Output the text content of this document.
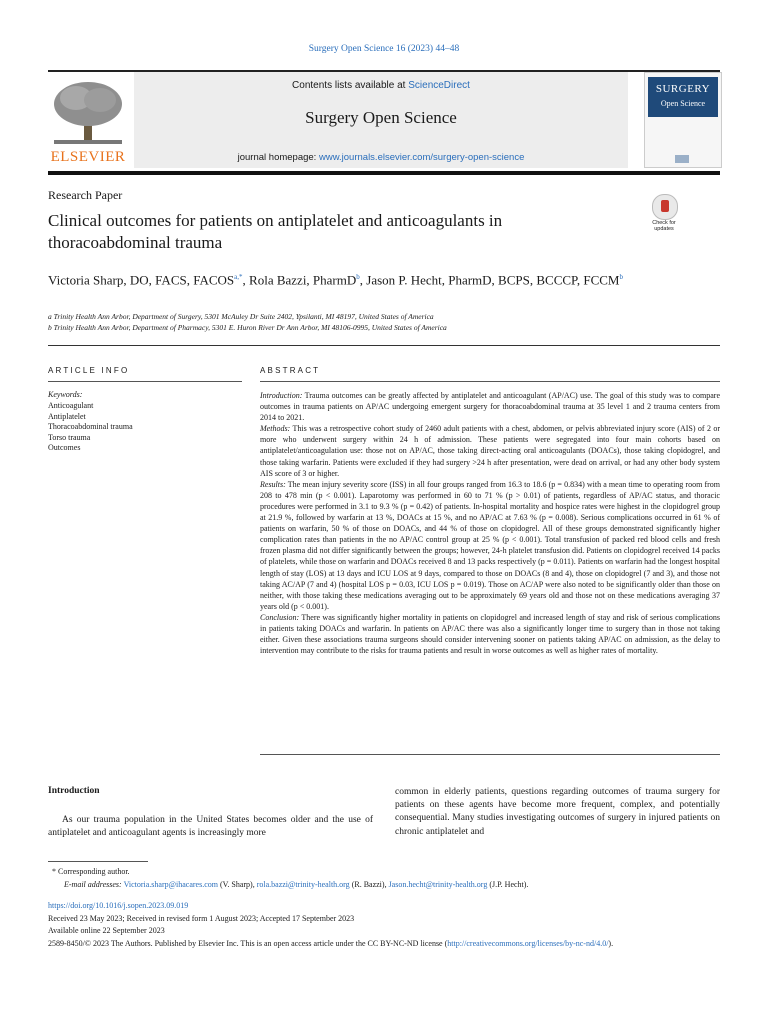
Surgery Open Science 16 (2023) 44–48
ELSEVIER
Contents lists available at ScienceDirect
Surgery Open Science
journal homepage: www.journals.elsevier.com/surgery-open-science
SURGERY
Open Science
Research Paper
Clinical outcomes for patients on antiplatelet and anticoagulants in thoracoabdominal trauma
Check for updates
Victoria Sharp, DO, FACS, $FACOS^{a,*}$, Rola Bazzi, PharmD$^b$, Jason P. Hecht, PharmD, BCPS, BCCCP, FCCM$^b$
a Trinity Health Ann Arbor, Department of Surgery, 5301 McAuley Dr Suite 2402, Ypsilanti, MI 48197, United States of America
b Trinity Health Ann Arbor, Department of Pharmacy, 5301 E. Huron River Dr Ann Arbor, MI 48106-0995, United States of America
ARTICLE INFO
Keywords:
Anticoagulant
Antiplatelet
Thoracoabdominal trauma
Torso trauma
Outcomes
ABSTRACT

Introduction: Trauma outcomes can be greatly affected by antiplatelet and anticoagulant (AP/AC) use. The goal of this study was to compare outcomes in trauma patients on AP/AC undergoing emergent surgery for thoracoabdominal trauma at 35 level 1 and 2 trauma centers from 2014 to 2021.

Methods: This was a retrospective cohort study of 2460 adult patients with a chest, abdomen, or pelvis abbreviated injury score (AIS) of 2 or more who underwent surgery within 24 h of admission. These patients were segregated into four main cohorts based on antiplatelet/anticoagulation use: those not on AP/AC, those taking direct-acting oral anticoagulants (DOACs), those taking clopidogrel, and those taking warfarin. Patients were excluded if they had surgery >24 h after presentation, were dead on arrival, or had any other body system AIS score of 3 or higher.

Results: The mean injury severity score (ISS) in all four groups ranged from 16.3 to 18.6 (p = 0.834) with a mean time to operating room from 208 to 478 min (p < 0.001). Laparotomy was performed in 60 to 71 % (p > 0.01) of patients, regardless of AP/AC status, and thoracic procedures were performed in 3.1 to 9.3 % (p = 0.42) of patients. In-hospital mortality and hospice rates were highest in the clopidogrel group at 21.9 %, followed by warfarin at 13 %, DOACs at 15 %, and no AP/AC at 7.63 % (p = 0.008). Serious complications occurred in 61 % of patients on warfarin, 50 % of those on DOACs, and 44 % of those on clopidogrel. All of these groups demonstrated significantly higher complication rates than patients in the no AP/AC control group at 25 % (p < 0.001). Total transfusion of packed red blood cells and fresh frozen plasma did not differ significantly between the groups; however, 24-h platelet transfusion did. Patients on clopidogrel received 14 packs of platelets, while those on warfarin and DOACs received 8 and 13 packs respectively (p = 0.011). Patients on warfarin had the longest hospital length of stay (LOS) at 13 days and ICU LOS at 9 days, compared to those on DOACs (8 and 4), those on clopidogrel (7 and 3), and those not taking AC/AP (7 and 4) (hospital LOS p = 0.03, ICU LOS p = 0.019). Those on AC/AP were also noted to be significantly older than those on neither, with those taking these medications averaging out to be approximately 69 years old and those not on these medications averaging 37 years old (p < 0.001).

Conclusion: There was significantly higher mortality in patients on clopidogrel and increased length of stay and risk of serious complications in patients taking DOACs and warfarin. In patients on AP/AC there was also a significantly longer time to surgery than in those not taking either. Given these associations trauma surgeons should consider intervening sooner on patients taking AP/AC on admission, as the delay to intervention may contribute to the risks for trauma patients and result in worse outcomes as well as higher rates of mortality.

Introduction
As our trauma population in the United States becomes older and the use of antiplatelet and anticoagulant agents is increasingly more
common in elderly patients, questions regarding outcomes of trauma surgery for patients on these agents have become more frequent, complex, and potentially consequential. Many studies investigating outcomes of surgery in injured patients on chronic antiplatelet and
* Corresponding author.
E-mail addresses: Victoria.sharp@ihacares.com (V. Sharp), rola.bazzi@trinity-health.org (R. Bazzi), Jason.hecht@trinity-health.org (J.P. Hecht).
https://doi.org/10.1016/j.sopen.2023.09.019
Received 23 May 2023; Received in revised form 1 August 2023; Accepted 17 September 2023
Available online 22 September 2023
2589-8450/© 2023 The Authors. Published by Elsevier Inc. This is an open access article under the CC BY-NC-ND license (http://creativecommons.org/licenses/by-nc-nd/4.0/).
